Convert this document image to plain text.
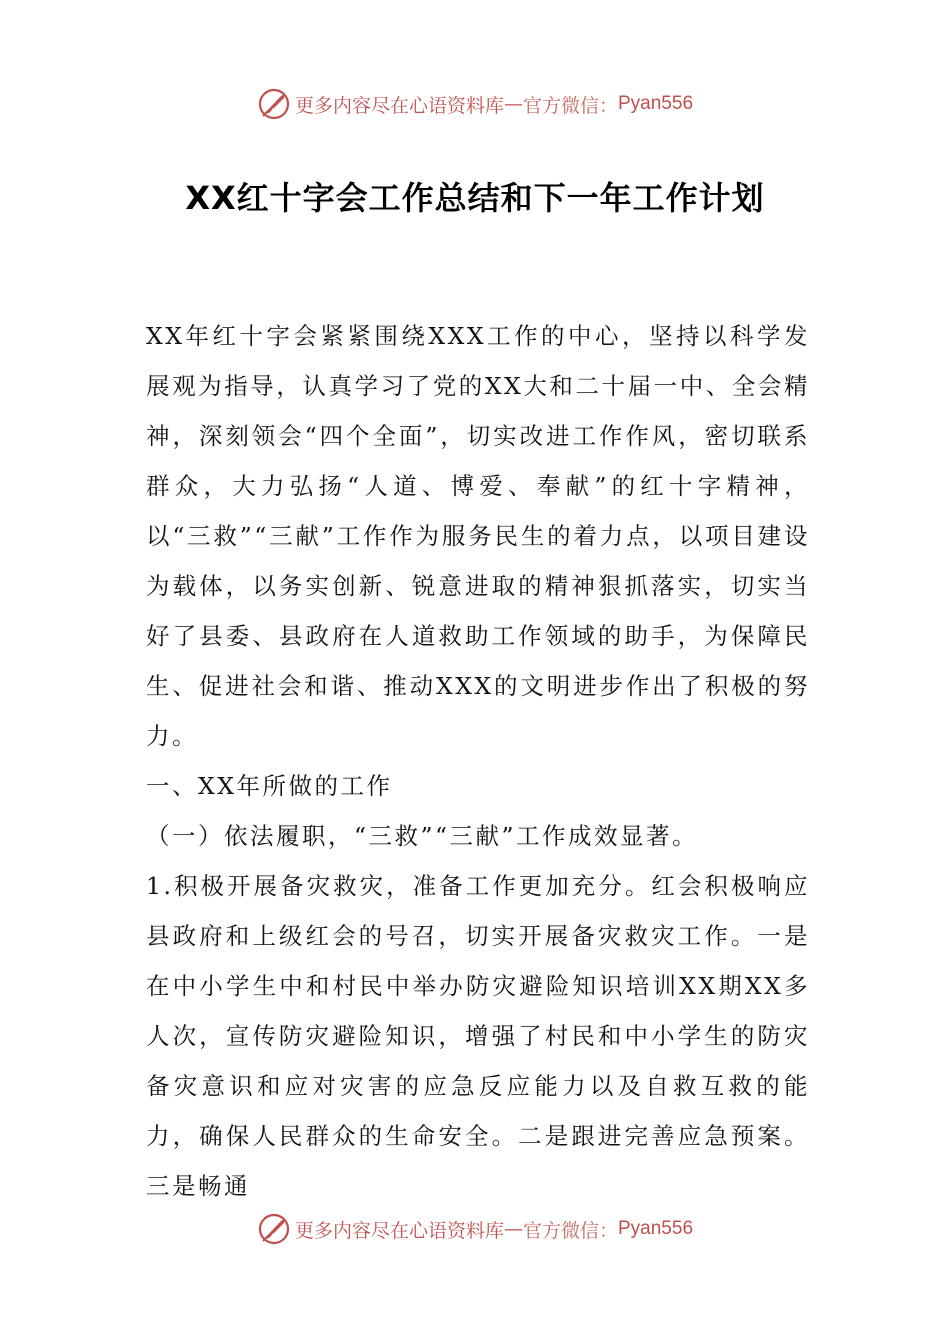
更多内容尽在心语资料库 — 官方微信： Pyan556
XX红十字会工作总结和下一年工作计划

XX年红十字会紧紧围绕XXX工作的中心，坚持以科学发展观为指导，认真学习了党的XX大和二十届一中、全会精神，深刻领会“四个全面”，切实改进工作作风，密切联系群众，大力弘扬“人道、博爱、奉献”的红十字精神，以“三救”“三献”工作作为服务民生的着力点，以项目建设为载体，以务实创新、锐意进取的精神狠抓落实，切实当好了县委、县政府在人道救助工作领域的助手，为保障民生、促进社会和谐、推动XXX的文明进步作出了积极的努力。

一、XX年所做的工作

（一）依法履职，“三救”“三献”工作成效显著。

1.积极开展备灾救灾，准备工作更加充分。红会积极响应县政府和上级红会的号召，切实开展备灾救灾工作。一是在中小学生中和村民中举办防灾避险知识培训XX期XX多人次，宣传防灾避险知识，增强了村民和中小学生的防灾备灾意识和应对灾害的应急反应能力以及自救互救的能力，确保人民群众的生命安全。二是跟进完善应急预案。三是畅通

更多内容尽在心语资料库 — 官方微信： Pyan556
